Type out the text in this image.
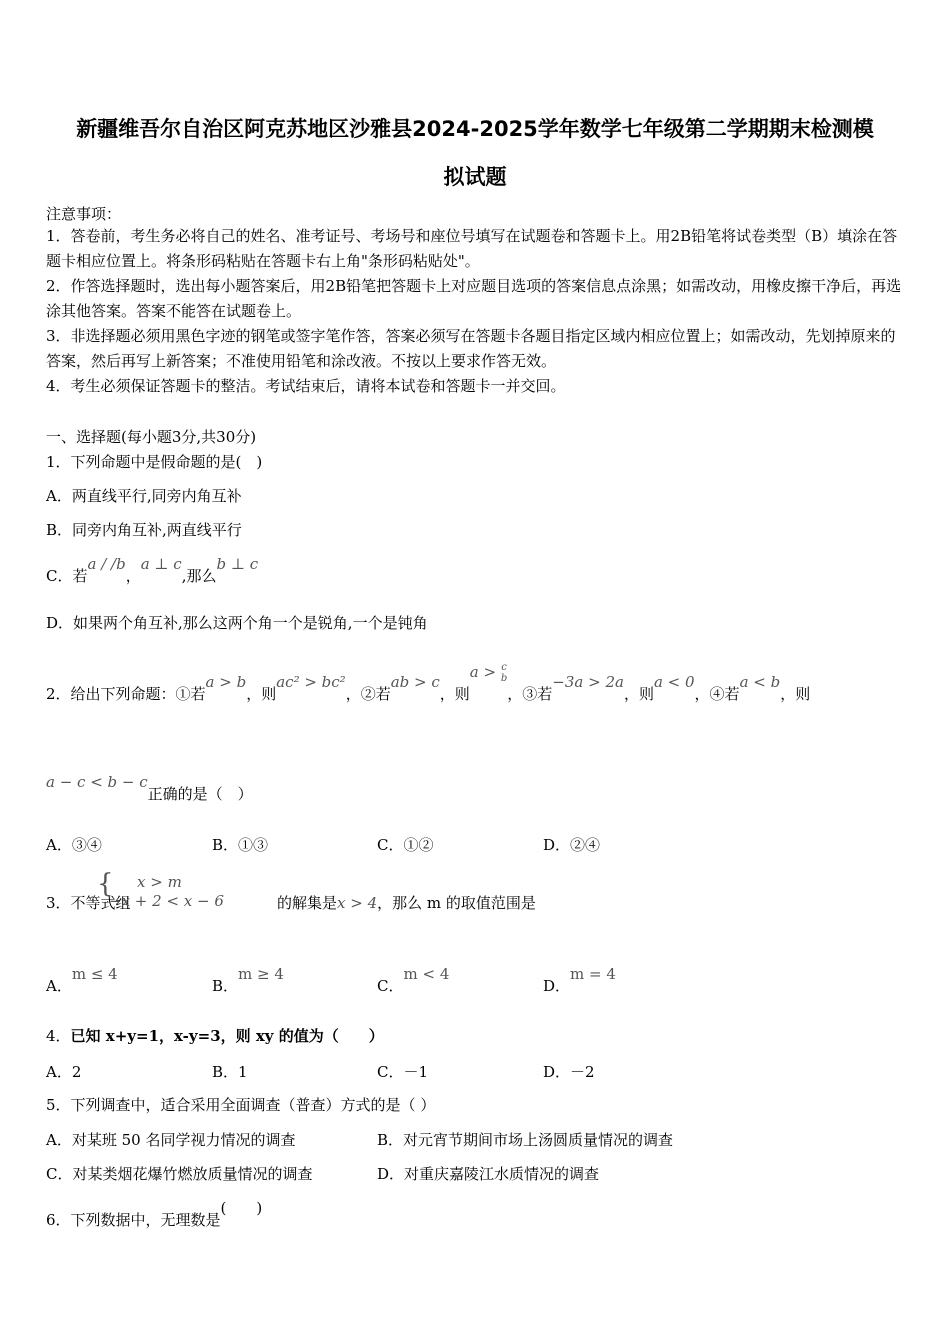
新疆维吾尔自治区阿克苏地区沙雅县2024-2025学年数学七年级第二学期期末检测模
拟试题
注意事项：
1．答卷前，考生务必将自己的姓名、准考证号、考场号和座位号填写在试题卷和答题卡上。用2B铅笔将试卷类型（B）填涂在答题卡相应位置上。将条形码粘贴在答题卡右上角"条形码粘贴处"。
2．作答选择题时，选出每小题答案后，用2B铅笔把答题卡上对应题目选项的答案信息点涂黑；如需改动，用橡皮擦干净后，再选涂其他答案。答案不能答在试题卷上。
3．非选择题必须用黑色字迹的钢笔或签字笔作答，答案必须写在答题卡各题目指定区域内相应位置上；如需改动，先划掉原来的答案，然后再写上新答案；不准使用铅笔和涂改液。不按以上要求作答无效。
4．考生必须保证答题卡的整洁。考试结束后，请将本试卷和答题卡一并交回。
一、选择题(每小题3分,共30分)
1．下列命题中是假命题的是(　)
A．两直线平行,同旁内角互补
B．同旁内角互补,两直线平行
C．若a / /b，a ⊥ c,那么b ⊥ c
D．如果两个角互补,那么这两个角一个是锐角,一个是钝角
2．给出下列命题：①若a > b，则ac² > bc²，②若ab > c，则a > c
b，③若−3a > 2a，则a < 0，④若a < b，则
a − c < b − c正确的是（　）
A．③④	B．①③	C．①②	D．②④
3．不等式组
{ x > m
−x + 2 < x − 6	的解集是x > 4，那么 m 的取值范围是
A．m ≤ 4
B．m ≥ 4
C．m < 4
D．m = 4
4．已知 x+y=1，x-y=3，则 xy 的值为（　　）
A．2	B．1	C．－1	D．－2
5．下列调查中，适合采用全面调查（普查）方式的是（ ）
A．对某班 50 名同学视力情况的调查	B．对元宵节期间市场上汤圆质量情况的调查
C．对某类烟花爆竹燃放质量情况的调查	D．对重庆嘉陵江水质情况的调查
6．下列数据中，无理数是(　　)
